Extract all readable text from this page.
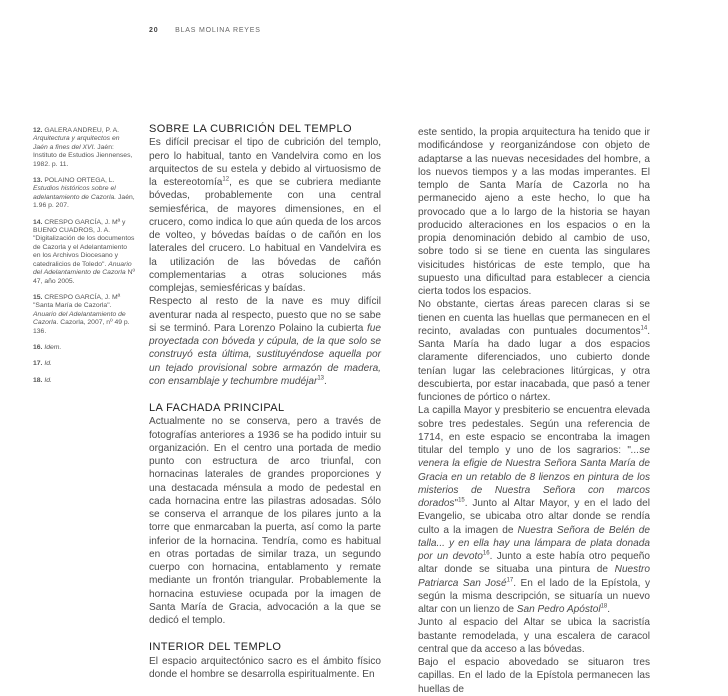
20 BLAS MOLINA REYES

12. GALERA ANDREU, P. A. Arquitectura y arquitectos en Jaén a fines del XVI. Jaén: Instituto de Estudios Jiennenses, 1982. p. 11.

13. POLAINO ORTEGA, L. Estudios históricos sobre el adelantamiento de Cazorla. Jaén, 1.96 p. 207.

14. CRESPO GARCÍA, J. Mª y BUENO CUADROS, J. A. "Digitalización de los documentos de Cazorla y el Adelantamiento en los Archivos Diocesano y catedralicios de Toledo". Anuario del Adelantamiento de Cazorla Nº 47, año 2005.

15. CRESPO GARCÍA, J. Mª "Santa María de Cazorla". Anuario del Adelantamiento de Cazorla. Cazorla, 2007, nº 49 p. 136.

16. Idem.

17. Id.

18. Id.

SOBRE LA CUBRICIÓN DEL TEMPLO

Es difícil precisar el tipo de cubrición del templo, pero lo habitual, tanto en Vandelvira como en los arquitectos de su estela y debido al virtuosismo de la estereotomía$^{12}$, es que se cubriera mediante bóvedas, probablemente con una central semiesférica, de mayores dimensiones, en el crucero, como indica lo que aún queda de los arcos de volteo, y bóvedas baídas o de cañón en los laterales del crucero. Lo habitual en Vandelvira es la utilización de las bóvedas de cañón complementarias a otras soluciones más complejas, semiesféricas y baídas.

Respecto al resto de la nave es muy difícil aventurar nada al respecto, puesto que no se sabe si se terminó. Para Lorenzo Polaino la cubierta fue proyectada con bóveda y cúpula, de la que solo se construyó esta última, sustituyéndose aquella por un tejado provisional sobre armazón de madera, con ensamblaje y techumbre mudéjar$^{13}$.

LA FACHADA PRINCIPAL

Actualmente no se conserva, pero a través de fotografías anteriores a 1936 se ha podido intuir su organización. En el centro una portada de medio punto con estructura de arco triunfal, con hornacinas laterales de grandes proporciones y una destacada ménsula a modo de pedestal en cada hornacina entre las pilastras adosadas. Sólo se conserva el arranque de los pilares junto a la torre que enmarcaban la puerta, así como la parte inferior de la hornacina. Tendría, como es habitual en otras portadas de similar traza, un segundo cuerpo con hornacina, entablamento y remate mediante un frontón triangular. Probablemente la hornacina estuviese ocupada por la imagen de Santa María de Gracia, advocación a la que se dedicó el templo.

INTERIOR DEL TEMPLO

El espacio arquitectónico sacro es el ámbito físico donde el hombre se desarrolla espiritualmente. En

este sentido, la propia arquitectura ha tenido que ir modificándose y reorganizándose con objeto de adaptarse a las nuevas necesidades del hombre, a los nuevos tiempos y a las modas imperantes. El templo de Santa María de Cazorla no ha permanecido ajeno a este hecho, lo que ha provocado que a lo largo de la historia se hayan producido alteraciones en los espacios o en la propia denominación debido al cambio de uso, sobre todo si se tiene en cuenta las singulares visicitudes históricas de este templo, que ha supuesto una dificultad para establecer a ciencia cierta todos los espacios.

No obstante, ciertas áreas parecen claras si se tienen en cuenta las huellas que permanecen en el recinto, avaladas con puntuales documentos$^{14}$. Santa María ha dado lugar a dos espacios claramente diferenciados, uno cubierto donde tenían lugar las celebraciones litúrgicas, y otra descubierta, por estar inacabada, que pasó a tener funciones de pórtico o nártex.

La capilla Mayor y presbiterio se encuentra elevada sobre tres pedestales. Según una referencia de 1714, en este espacio se encontraba la imagen titular del templo y uno de los sagrarios: "...se venera la efigie de Nuestra Señora Santa María de Gracia en un retablo de 8 lienzos en pintura de los misterios de Nuestra Señora con marcos dorados"$^{15}$. Junto al Altar Mayor, y en el lado del Evangelio, se ubicaba otro altar donde se rendía culto a la imagen de Nuestra Señora de Belén de talla... y en ella hay una lámpara de plata donada por un devoto$^{16}$. Junto a este había otro pequeño altar donde se situaba una pintura de Nuestro Patriarca San José$^{17}$. En el lado de la Epístola, y según la misma descripción, se situaría un nuevo altar con un lienzo de San Pedro Apóstol$^{18}$.

Junto al espacio del Altar se ubica la sacristía bastante remodelada, y una escalera de caracol central que da acceso a las bóvedas.

Bajo el espacio abovedado se situaron tres capillas. En el lado de la Epístola permanecen las huellas de
